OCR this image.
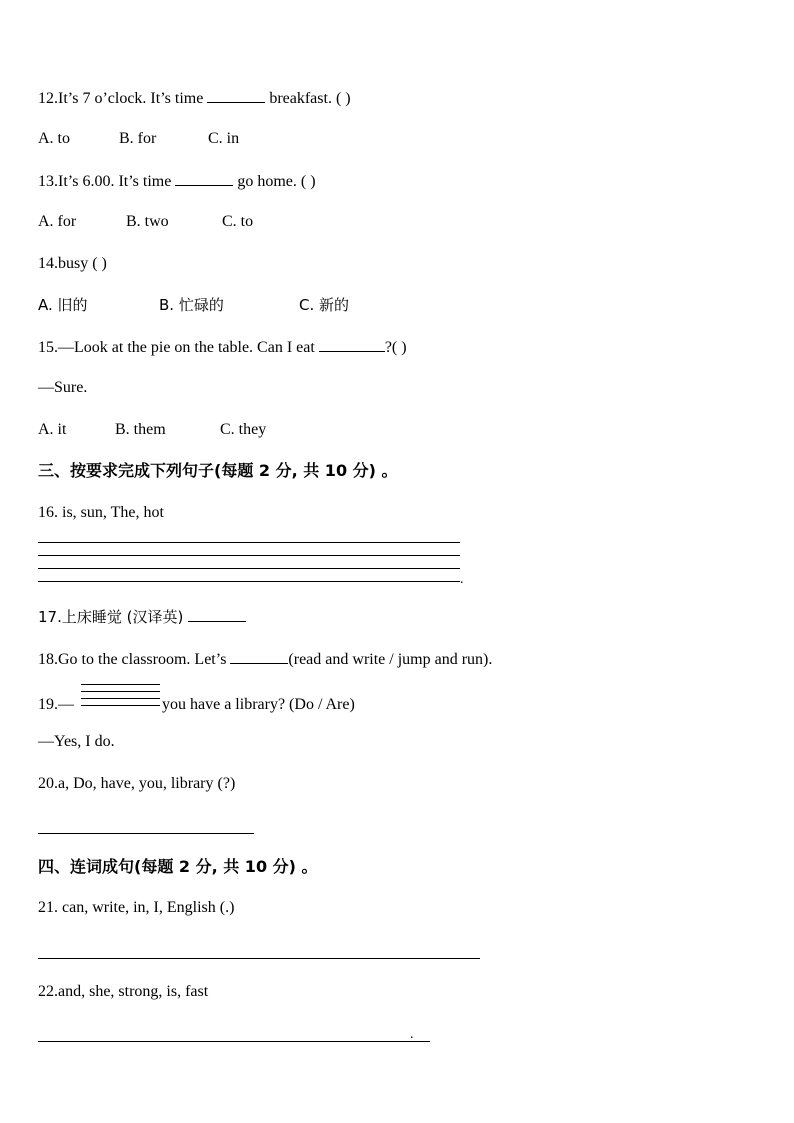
12.It’s 7 o’clock. It’s time	breakfast. ( )
A. to	B. for	C. in
13.It’s 6.00. It’s time	go home. ( )
A. for	B. two	C. to
14.busy ( )
A. 旧的	B. 忙碌的	C. 新的
15.—Look at the pie on the table. Can I eat	?( )
—Sure.
A. it	B. them	C. they
三、按要求完成下列句子(每题 2 分, 共 10 分) 。
16. is, sun, The, hot
.
17.上床睡觉 (汉译英)
18.Go to the classroom. Let’s	(read and write / jump and run).
19.—	you have a library? (Do / Are)
—Yes, I do.
20.a, Do, have, you, library (?)
四、连词成句(每题 2 分, 共 10 分) 。
21. can, write, in, I, English (.)
22.and, she, strong, is, fast
.
